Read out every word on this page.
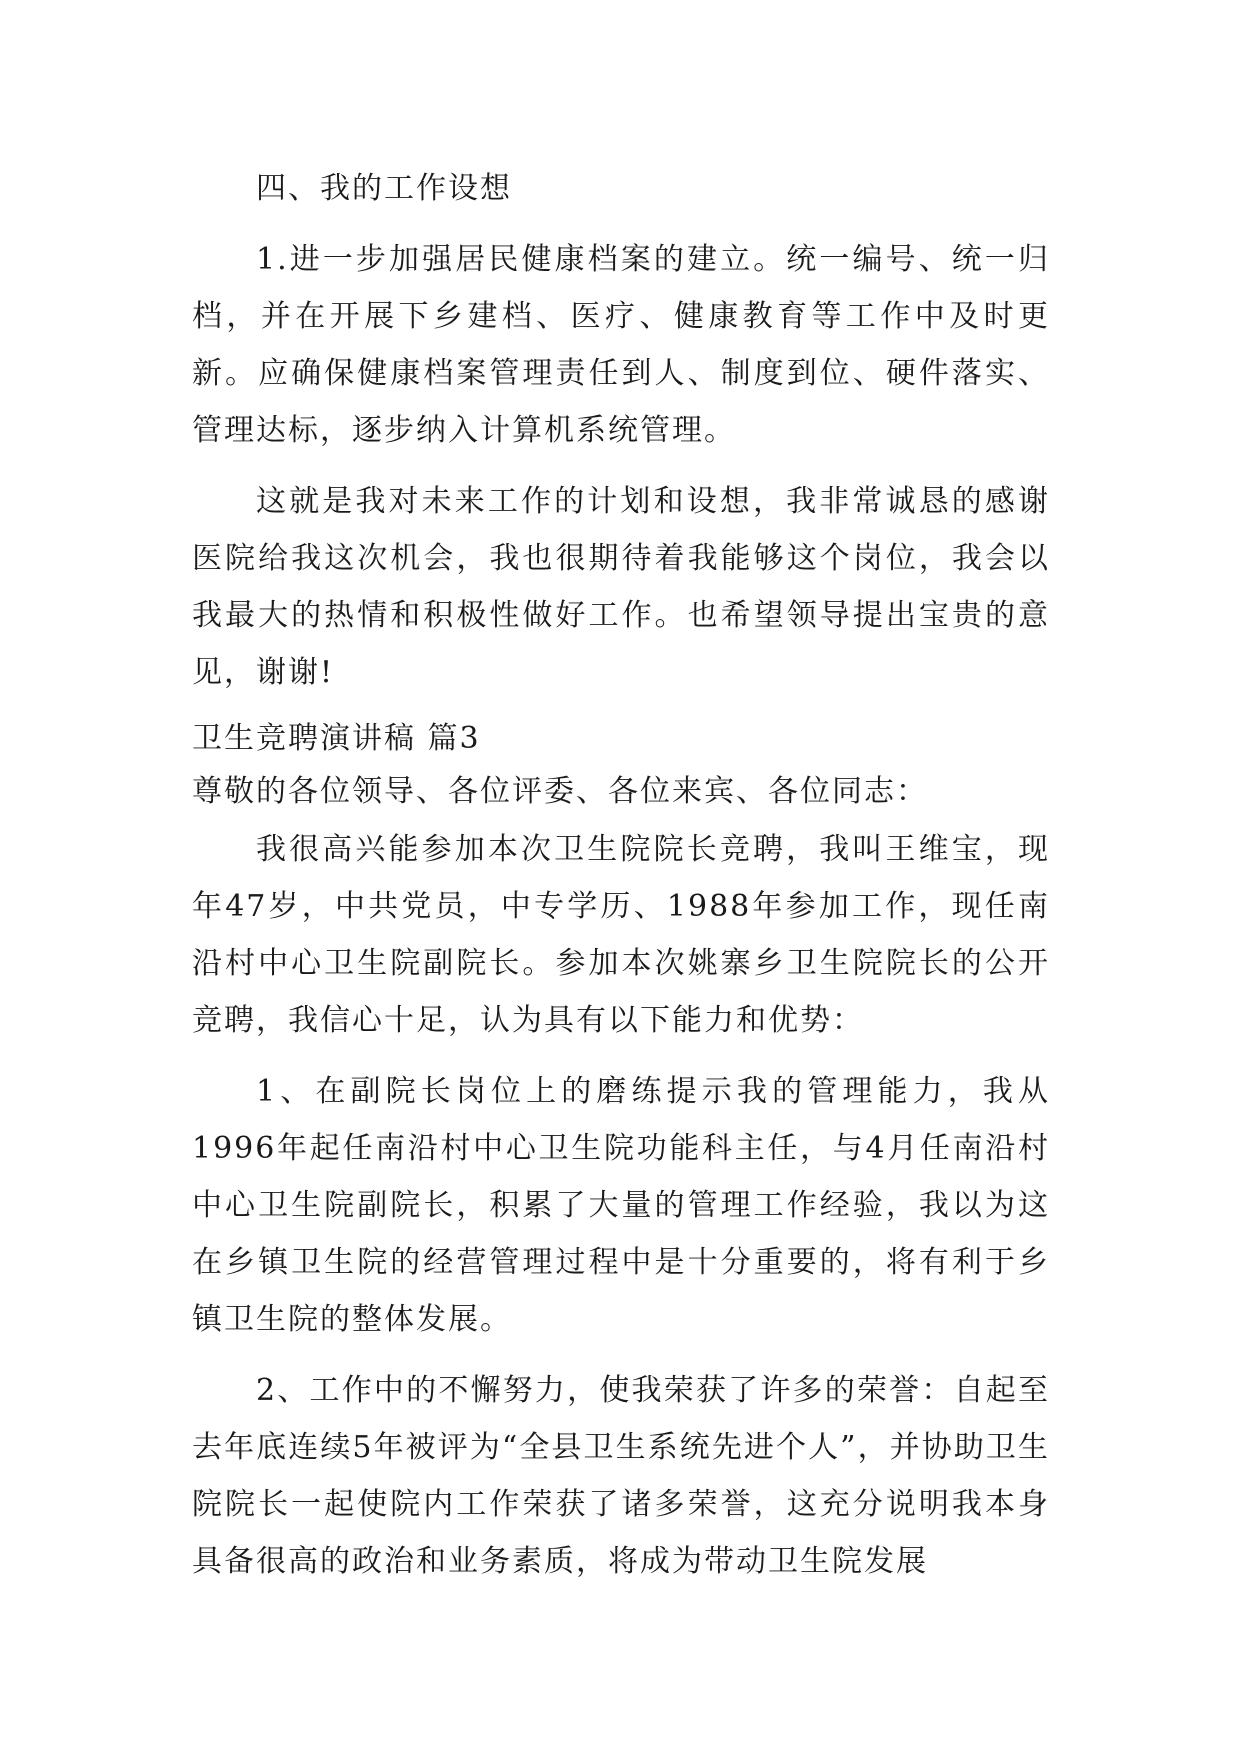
四、我的工作设想

1.进一步加强居民健康档案的建立。统一编号、统一归档，并在开展下乡建档、医疗、健康教育等工作中及时更新。应确保健康档案管理责任到人、制度到位、硬件落实、管理达标，逐步纳入计算机系统管理。

这就是我对未来工作的计划和设想，我非常诚恳的感谢医院给我这次机会，我也很期待着我能够这个岗位，我会以我最大的热情和积极性做好工作。也希望领导提出宝贵的意见，谢谢!

卫生竞聘演讲稿 篇3

尊敬的各位领导、各位评委、各位来宾、各位同志：

我很高兴能参加本次卫生院院长竞聘，我叫王维宝，现年47岁，中共党员，中专学历、1988年参加工作，现任南沿村中心卫生院副院长。参加本次姚寨乡卫生院院长的公开竞聘，我信心十足，认为具有以下能力和优势：

1、在副院长岗位上的磨练提示我的管理能力，我从1996年起任南沿村中心卫生院功能科主任，与4月任南沿村中心卫生院副院长，积累了大量的管理工作经验，我以为这在乡镇卫生院的经营管理过程中是十分重要的，将有利于乡镇卫生院的整体发展。

2、工作中的不懈努力，使我荣获了许多的荣誉：自起至去年底连续5年被评为“全县卫生系统先进个人”，并协助卫生院院长一起使院内工作荣获了诸多荣誉，这充分说明我本身具备很高的政治和业务素质，将成为带动卫生院发展
